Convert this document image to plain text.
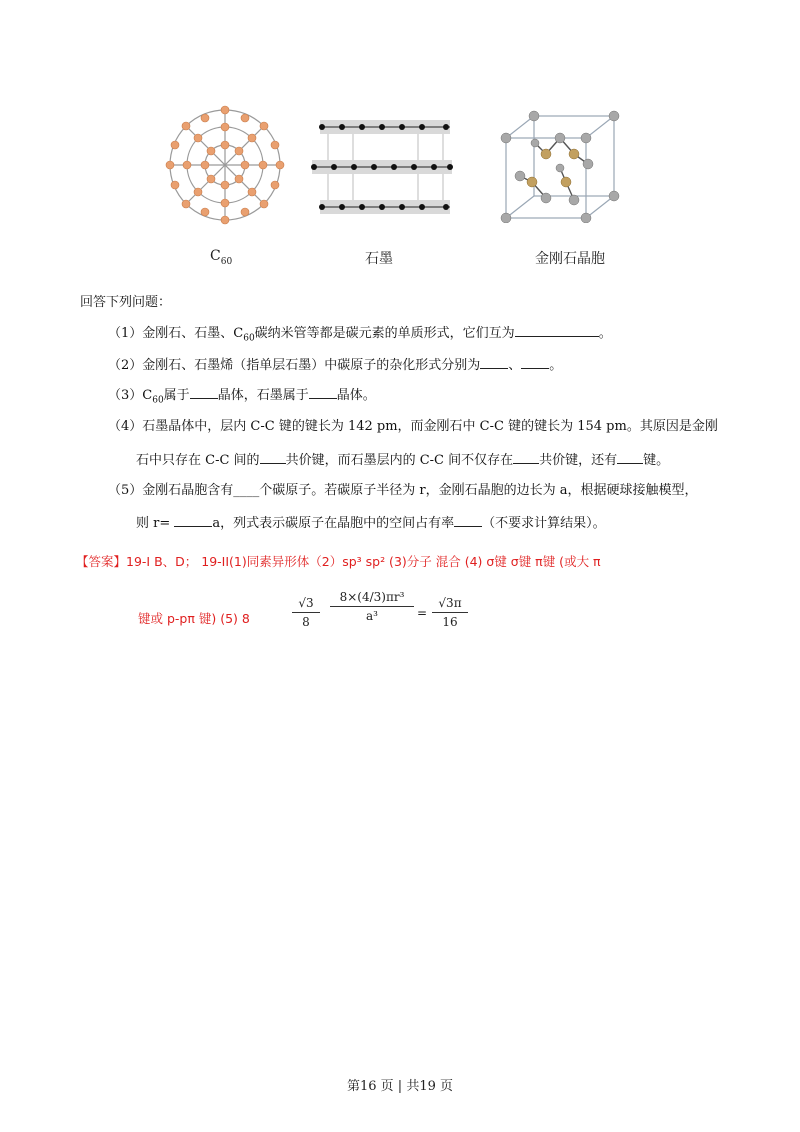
$C_{60}$	石墨	金刚石晶胞
回答下列问题：
（1）金刚石、石墨、$C_{60}$碳纳米管等都是碳元素的单质形式，它们互为	。
（2）金刚石、石墨烯（指单层石墨）中碳原子的杂化形式分别为 、 。
$(3)C_{60}$属于 晶体，石墨属于 晶体。
（4）石墨晶体中，层内 C-C 键的键长为 142 pm，而金刚石中 C-C 键的键长为 154 pm。其原因是金刚
石中只存在 C-C 间的 共价键，而石墨层内的 C-C 间不仅存在 共价键，还有 键。
（5）金刚石晶胞含有____个碳原子。若碳原子半径为 r，金刚石晶胞的边长为 a，根据硬球接触模型，
则 r=	a，列式表示碳原子在晶胞中的空间占有率 （不要求计算结果）。
【答案】19-I B、D； 19-II(1)同素异形体（2）sp³ sp² (3)分子 混合 (4) σ键 σ键 π键 (或大 π
键或 p-pπ 键) (5) 8
√3
8
8×(4/3)πr³
a³	=
√3π
16
第16 页 | 共19 页
